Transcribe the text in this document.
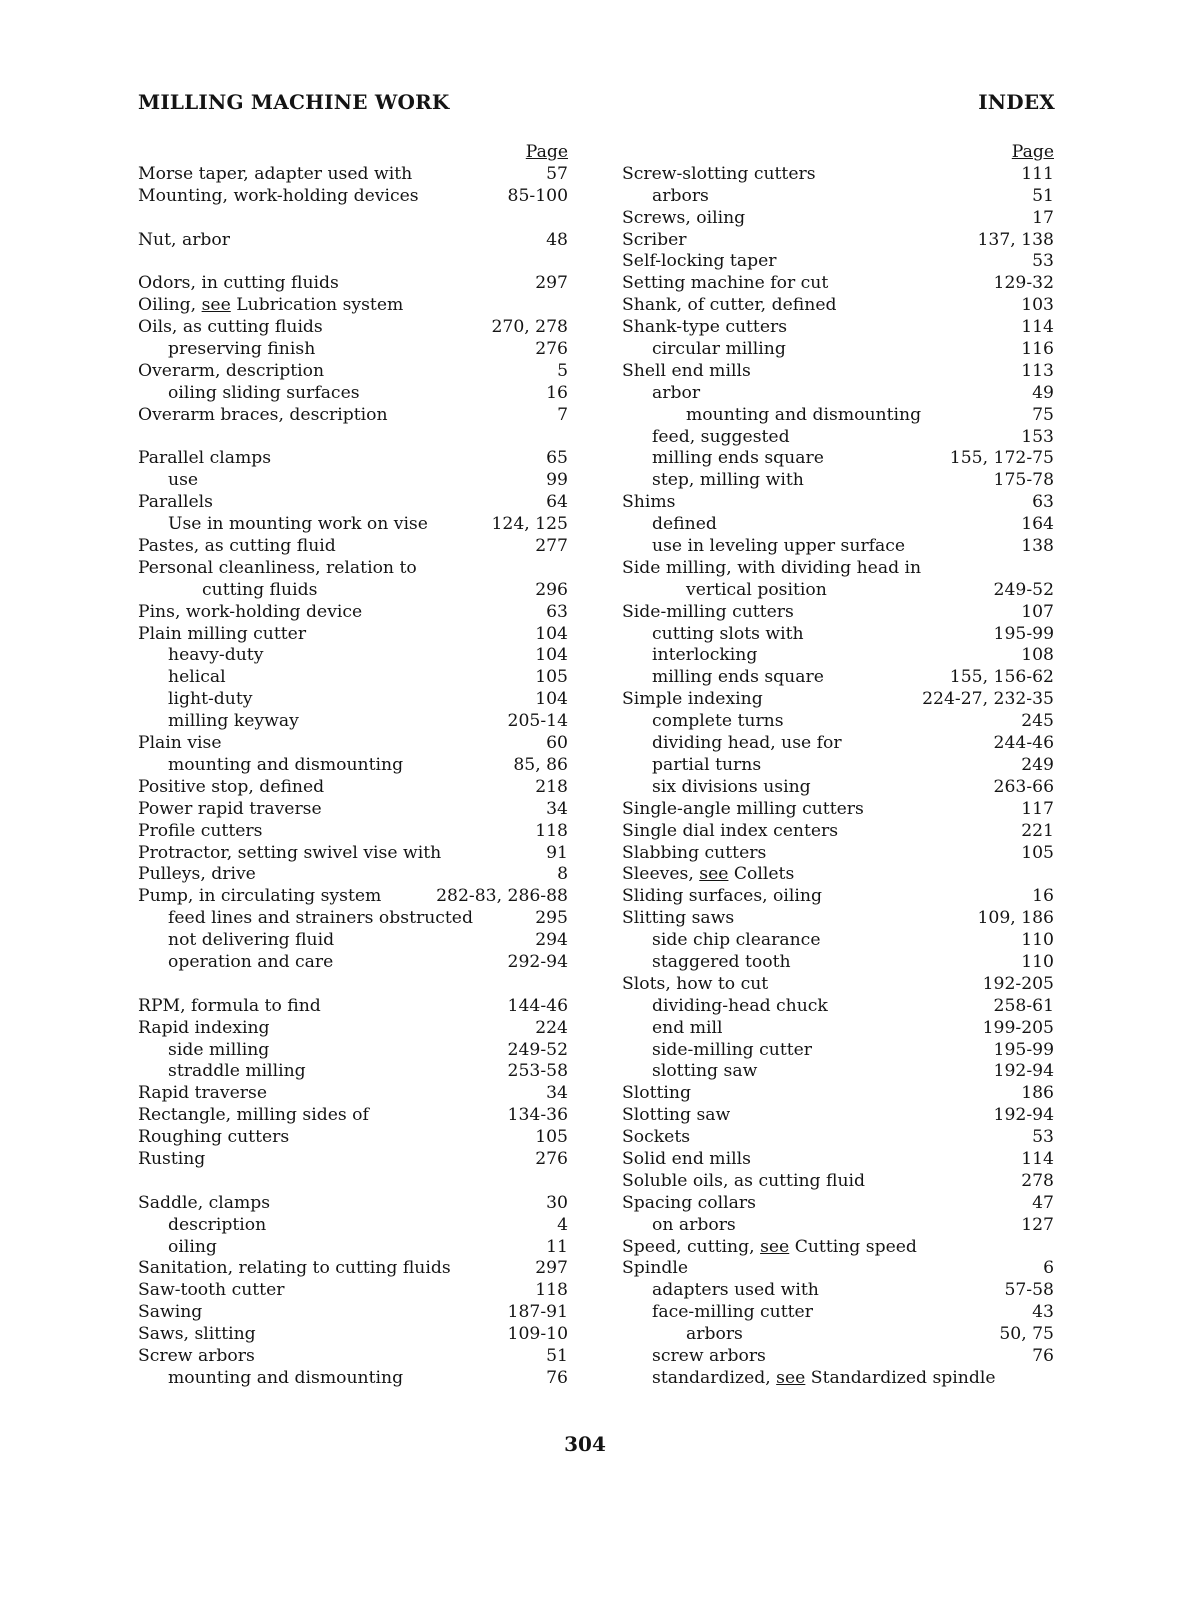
MILLING MACHINE WORK	INDEX
Page
Morse taper, adapter used with	57
Mounting, work-holding devices	85-100
Nut, arbor	48
Odors, in cutting fluids	297
Oiling, see Lubrication system
Oils, as cutting fluids	270, 278
preserving finish	276
Overarm, description	5
oiling sliding surfaces	16
Overarm braces, description	7
Parallel clamps	65
use	99
Parallels	64
Use in mounting work on vise	124, 125
Pastes, as cutting fluid	277
Personal cleanliness, relation to
cutting fluids	296
Pins, work-holding device	63
Plain milling cutter	104
heavy-duty	104
helical	105
light-duty	104
milling keyway	205-14
Plain vise	60
mounting and dismounting	85, 86
Positive stop, defined	218
Power rapid traverse	34
Profile cutters	118
Protractor, setting swivel vise with	91
Pulleys, drive	8
Pump, in circulating system	282-83, 286-88
feed lines and strainers obstructed	295
not delivering fluid	294
operation and care	292-94
RPM, formula to find	144-46
Rapid indexing	224
side milling	249-52
straddle milling	253-58
Rapid traverse	34
Rectangle, milling sides of	134-36
Roughing cutters	105
Rusting	276
Saddle, clamps	30
description	4
oiling	11
Sanitation, relating to cutting fluids	297
Saw-tooth cutter	118
Sawing	187-91
Saws, slitting	109-10
Screw arbors	51
mounting and dismounting	76
Page
Screw-slotting cutters	111
arbors	51
Screws, oiling	17
Scriber	137, 138
Self-locking taper	53
Setting machine for cut	129-32
Shank, of cutter, defined	103
Shank-type cutters	114
circular milling	116
Shell end mills	113
arbor	49
mounting and dismounting	75
feed, suggested	153
milling ends square	155, 172-75
step, milling with	175-78
Shims	63
defined	164
use in leveling upper surface	138
Side milling, with dividing head in
vertical position	249-52
Side-milling cutters	107
cutting slots with	195-99
interlocking	108
milling ends square	155, 156-62
Simple indexing	224-27, 232-35
complete turns	245
dividing head, use for	244-46
partial turns	249
six divisions using	263-66
Single-angle milling cutters	117
Single dial index centers	221
Slabbing cutters	105
Sleeves, see Collets
Sliding surfaces, oiling	16
Slitting saws	109, 186
side chip clearance	110
staggered tooth	110
Slots, how to cut	192-205
dividing-head chuck	258-61
end mill	199-205
side-milling cutter	195-99
slotting saw	192-94
Slotting	186
Slotting saw	192-94
Sockets	53
Solid end mills	114
Soluble oils, as cutting fluid	278
Spacing collars	47
on arbors	127
Speed, cutting, see Cutting speed
Spindle	6
adapters used with	57-58
face-milling cutter	43
arbors	50, 75
screw arbors	76
standardized, see Standardized spindle
304
